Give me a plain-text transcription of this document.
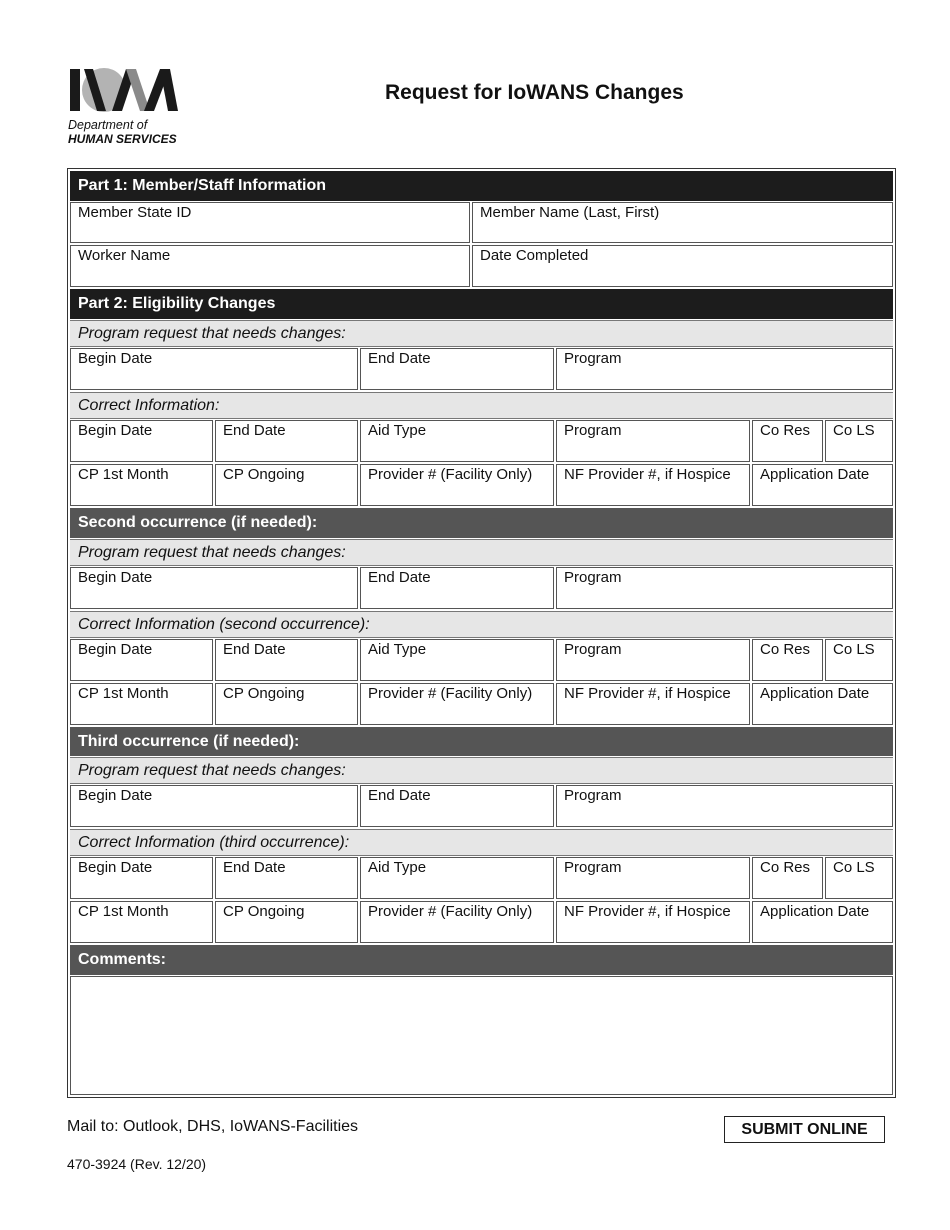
Department of
HUMAN SERVICES
Request for IoWANS Changes
Part 1: Member/Staff Information
Member State ID	Member Name (Last, First)
Worker Name	Date Completed
Part 2: Eligibility Changes
Program request that needs changes:
Begin Date	End Date	Program
Correct Information:
Begin Date	End Date	Aid Type	Program	Co Res	Co LS
CP 1st Month	CP Ongoing	Provider # (Facility Only)	NF Provider #, if Hospice	Application Date
Second occurrence (if needed):
Program request that needs changes:
Begin Date	End Date	Program
Correct Information (second occurrence):
Begin Date	End Date	Aid Type	Program	Co Res	Co LS
CP 1st Month	CP Ongoing	Provider # (Facility Only)	NF Provider #, if Hospice	Application Date
Third occurrence (if needed):
Program request that needs changes:
Begin Date	End Date	Program
Correct Information (third occurrence):
Begin Date	End Date	Aid Type	Program	Co Res	Co LS
CP 1st Month	CP Ongoing	Provider # (Facility Only)	NF Provider #, if Hospice	Application Date
Comments:
Mail to: Outlook, DHS, IoWANS-Facilities	SUBMIT ONLINE
470-3924 (Rev. 12/20)
